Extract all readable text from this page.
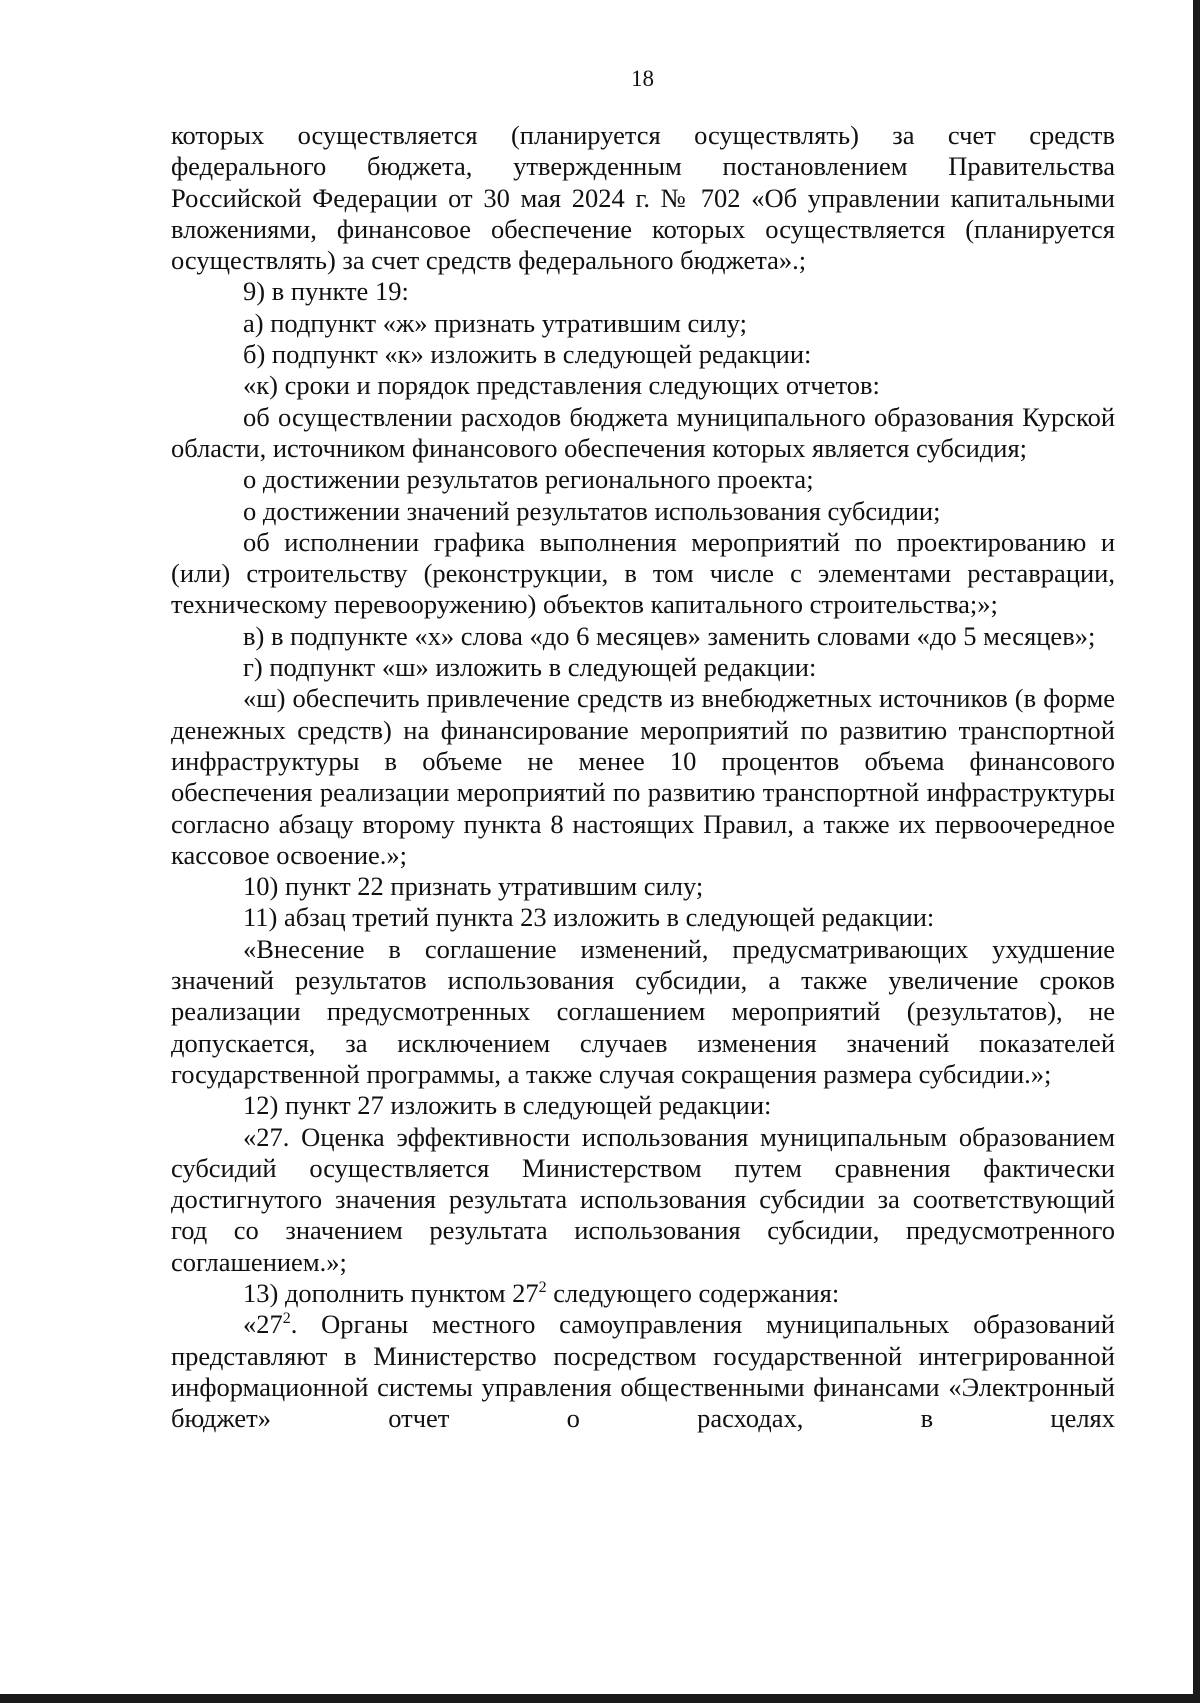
18

которых осуществляется (планируется осуществлять) за счет средств федерального бюджета, утвержденным постановлением Правительства Российской Федерации от 30 мая 2024 г. № 702 «Об управлении капитальными вложениями, финансовое обеспечение которых осуществляется (планируется осуществлять) за счет средств федерального бюджета».;

9) в пункте 19:

а) подпункт «ж» признать утратившим силу;

б) подпункт «к» изложить в следующей редакции:

«к) сроки и порядок представления следующих отчетов:

об осуществлении расходов бюджета муниципального образования Курской области, источником финансового обеспечения которых является субсидия;

о достижении результатов регионального проекта;

о достижении значений результатов использования субсидии;

об исполнении графика выполнения мероприятий по проектированию и (или) строительству (реконструкции, в том числе с элементами реставрации, техническому перевооружению) объектов капитального строительства;»;

в) в подпункте «х» слова «до 6 месяцев» заменить словами «до 5 месяцев»;

г) подпункт «ш» изложить в следующей редакции:

«ш) обеспечить привлечение средств из внебюджетных источников (в форме денежных средств) на финансирование мероприятий по развитию транспортной инфраструктуры в объеме не менее 10 процентов объема финансового обеспечения реализации мероприятий по развитию транспортной инфраструктуры согласно абзацу второму пункта 8 настоящих Правил, а также их первоочередное кассовое освоение.»;

10) пункт 22 признать утратившим силу;

11) абзац третий пункта 23 изложить в следующей редакции:

«Внесение в соглашение изменений, предусматривающих ухудшение значений результатов использования субсидии, а также увеличение сроков реализации предусмотренных соглашением мероприятий (результатов), не допускается, за исключением случаев изменения значений показателей государственной программы, а также случая сокращения размера субсидии.»;

12) пункт 27 изложить в следующей редакции:

«27. Оценка эффективности использования муниципальным образованием субсидий осуществляется Министерством путем сравнения фактически достигнутого значения результата использования субсидии за соответствующий год со значением результата использования субсидии, предусмотренного соглашением.»;

13) дополнить пунктом $27^2$ следующего содержания:

«$27^2$. Органы местного самоуправления муниципальных образований представляют в Министерство посредством государственной интегрированной информационной системы управления общественными финансами «Электронный бюджет» отчет о расходах, в целях
